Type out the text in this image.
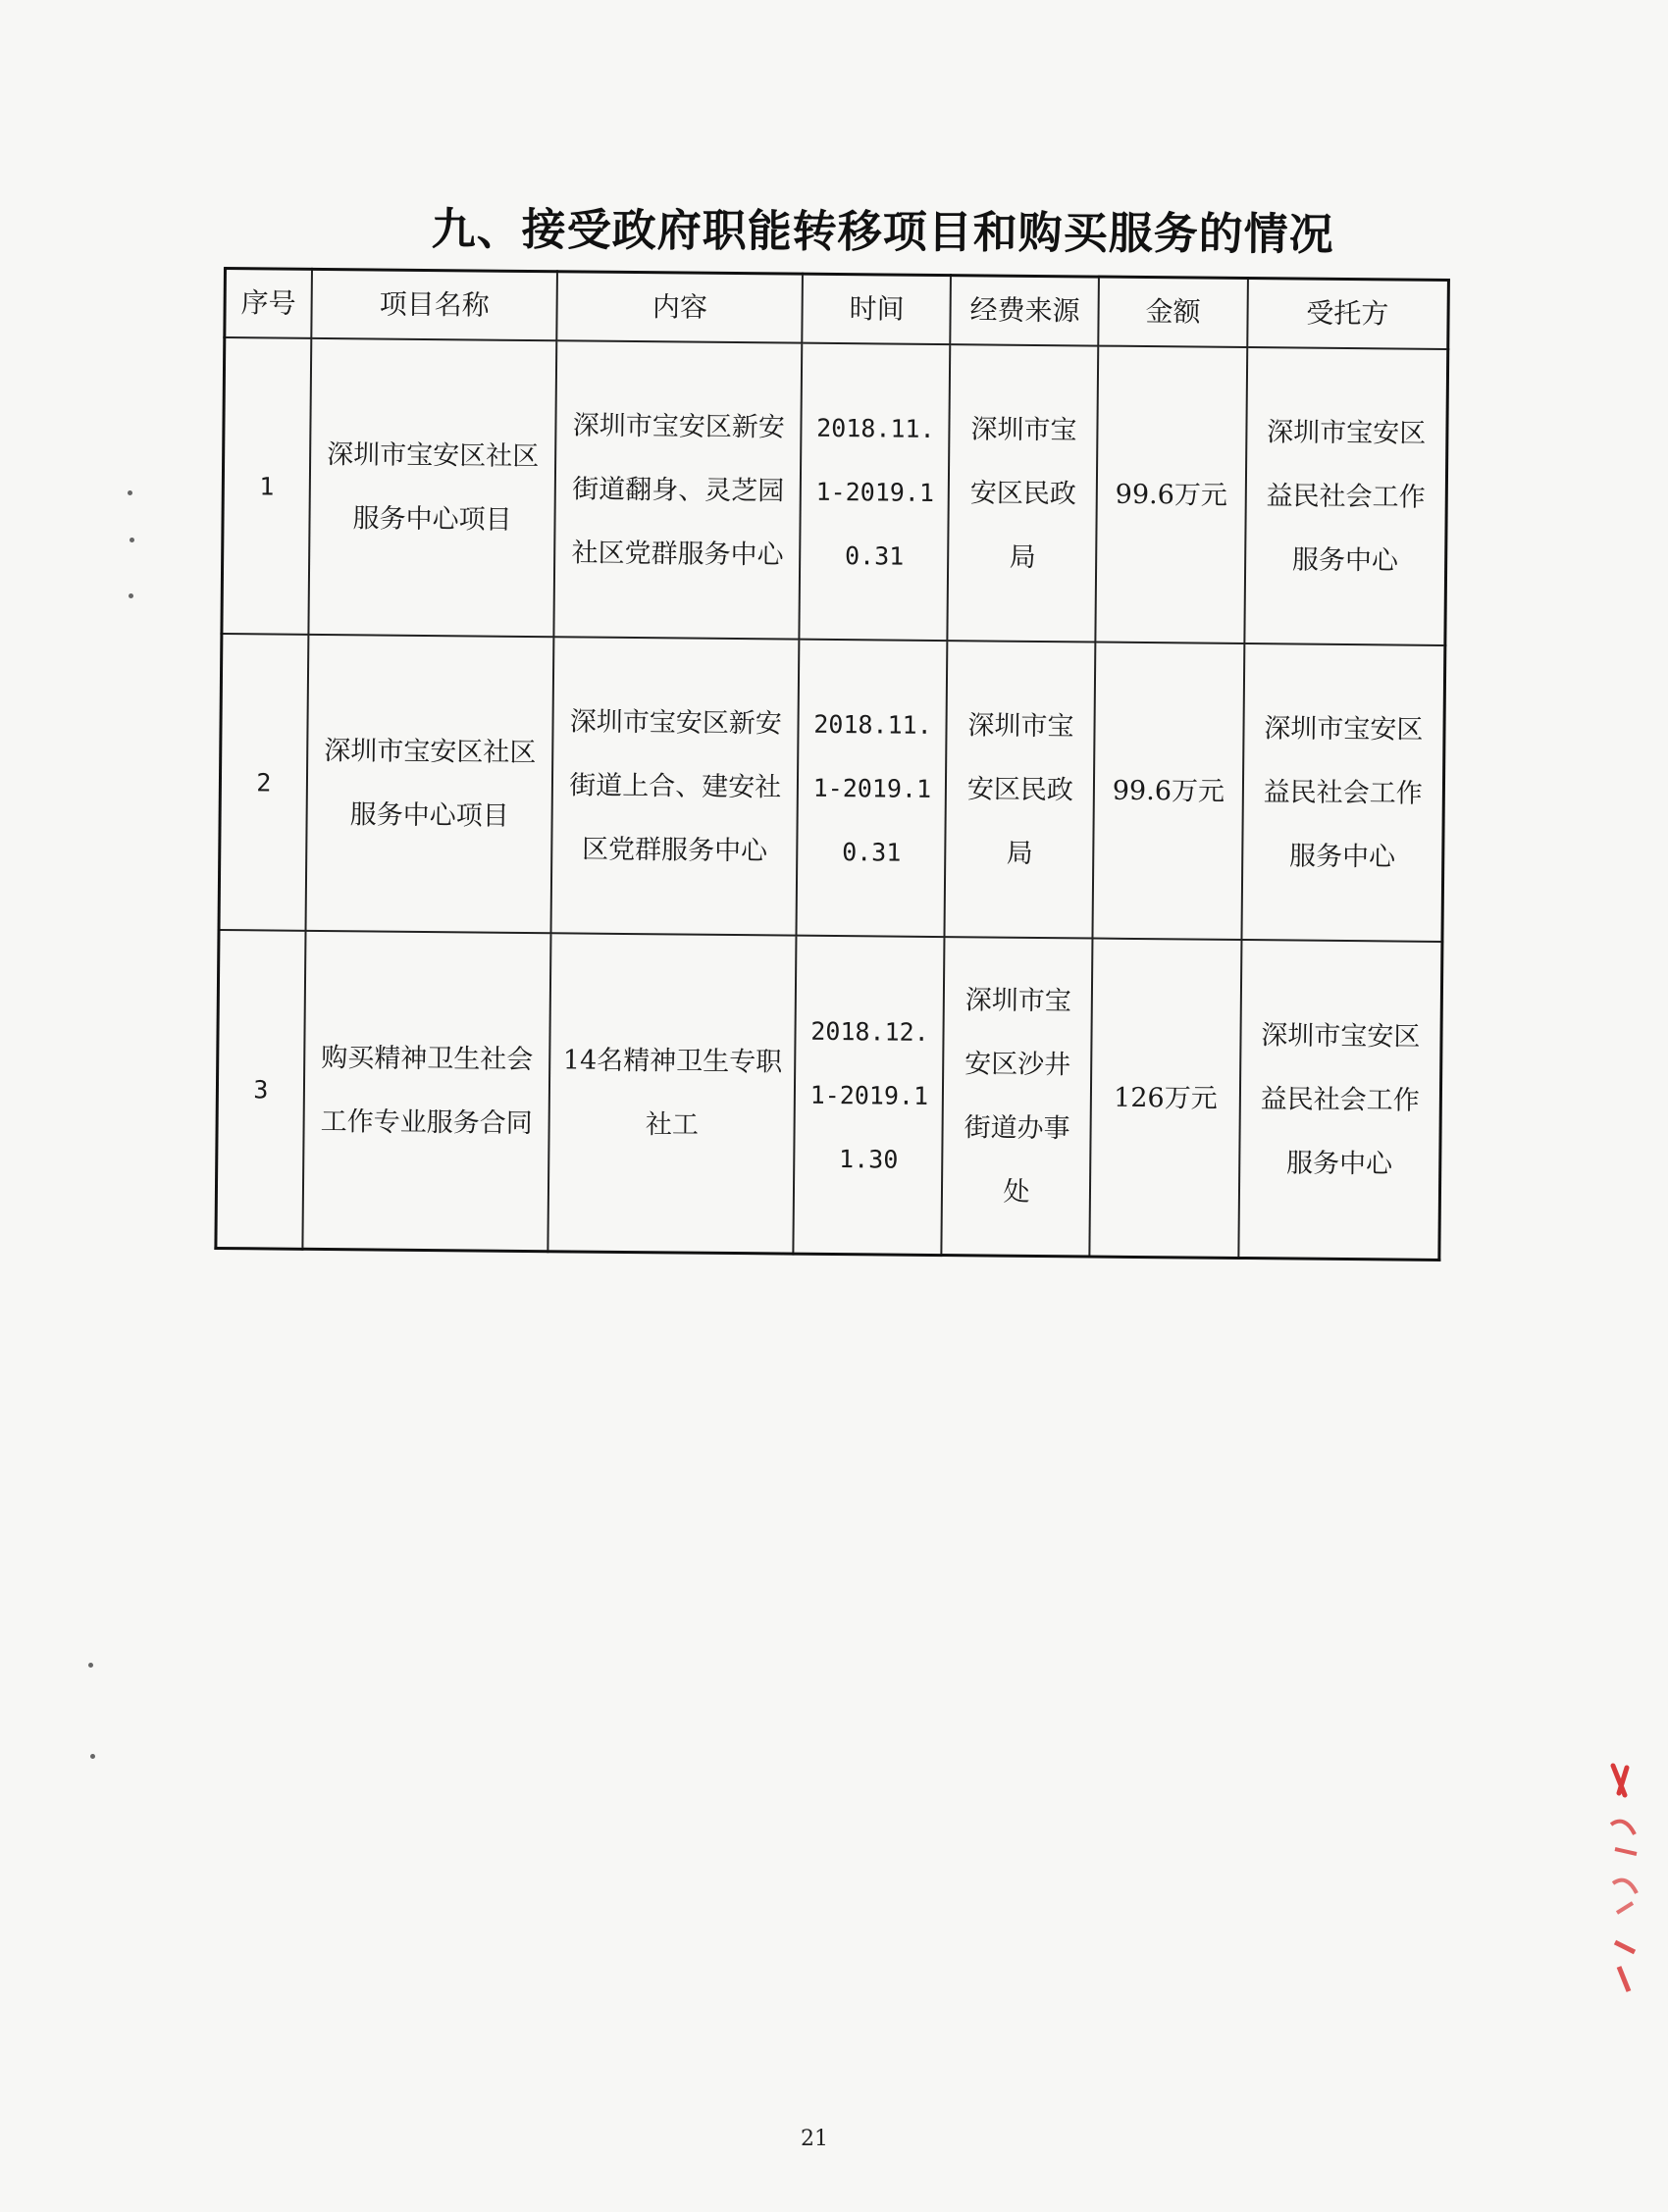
九、接受政府职能转移项目和购买服务的情况
序号	项目名称	内容	时间	经费来源	金额	受托方
1	深圳市宝安区社区服务中心项目	深圳市宝安区新安街道翻身、灵芝园社区党群服务中心	2018.11.1-2019.10.31	深圳市宝安区民政局	99.6万元	深圳市宝安区益民社会工作服务中心
2	深圳市宝安区社区服务中心项目	深圳市宝安区新安街道上合、建安社区党群服务中心	2018.11.1-2019.10.31	深圳市宝安区民政局	99.6万元	深圳市宝安区益民社会工作服务中心
3	购买精神卫生社会工作专业服务合同	14名精神卫生专职社工	2018.12.1-2019.11.30	深圳市宝安区沙井街道办事处	126万元	深圳市宝安区益民社会工作服务中心
21
